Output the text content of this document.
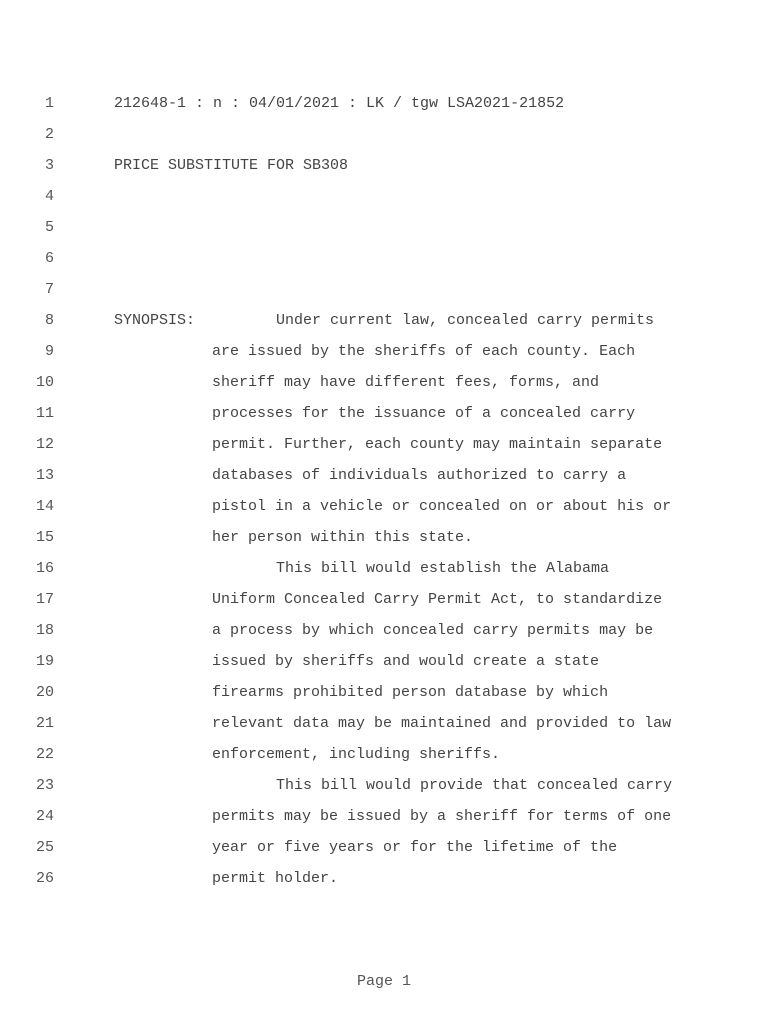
1	212648-1 : n : 04/01/2021 : LK / tgw LSA2021-21852
2
3	PRICE SUBSTITUTE FOR SB308
4
5
6
7
8	SYNOPSIS:	Under current law, concealed carry permits
9	are issued by the sheriffs of each county. Each
10	sheriff may have different fees, forms, and
11	processes for the issuance of a concealed carry
12	permit. Further, each county may maintain separate
13	databases of individuals authorized to carry a
14	pistol in a vehicle or concealed on or about his or
15	her person within this state.
16	This bill would establish the Alabama
17	Uniform Concealed Carry Permit Act, to standardize
18	a process by which concealed carry permits may be
19	issued by sheriffs and would create a state
20	firearms prohibited person database by which
21	relevant data may be maintained and provided to law
22	enforcement, including sheriffs.
23	This bill would provide that concealed carry
24	permits may be issued by a sheriff for terms of one
25	year or five years or for the lifetime of the
26	permit holder.
Page 1
